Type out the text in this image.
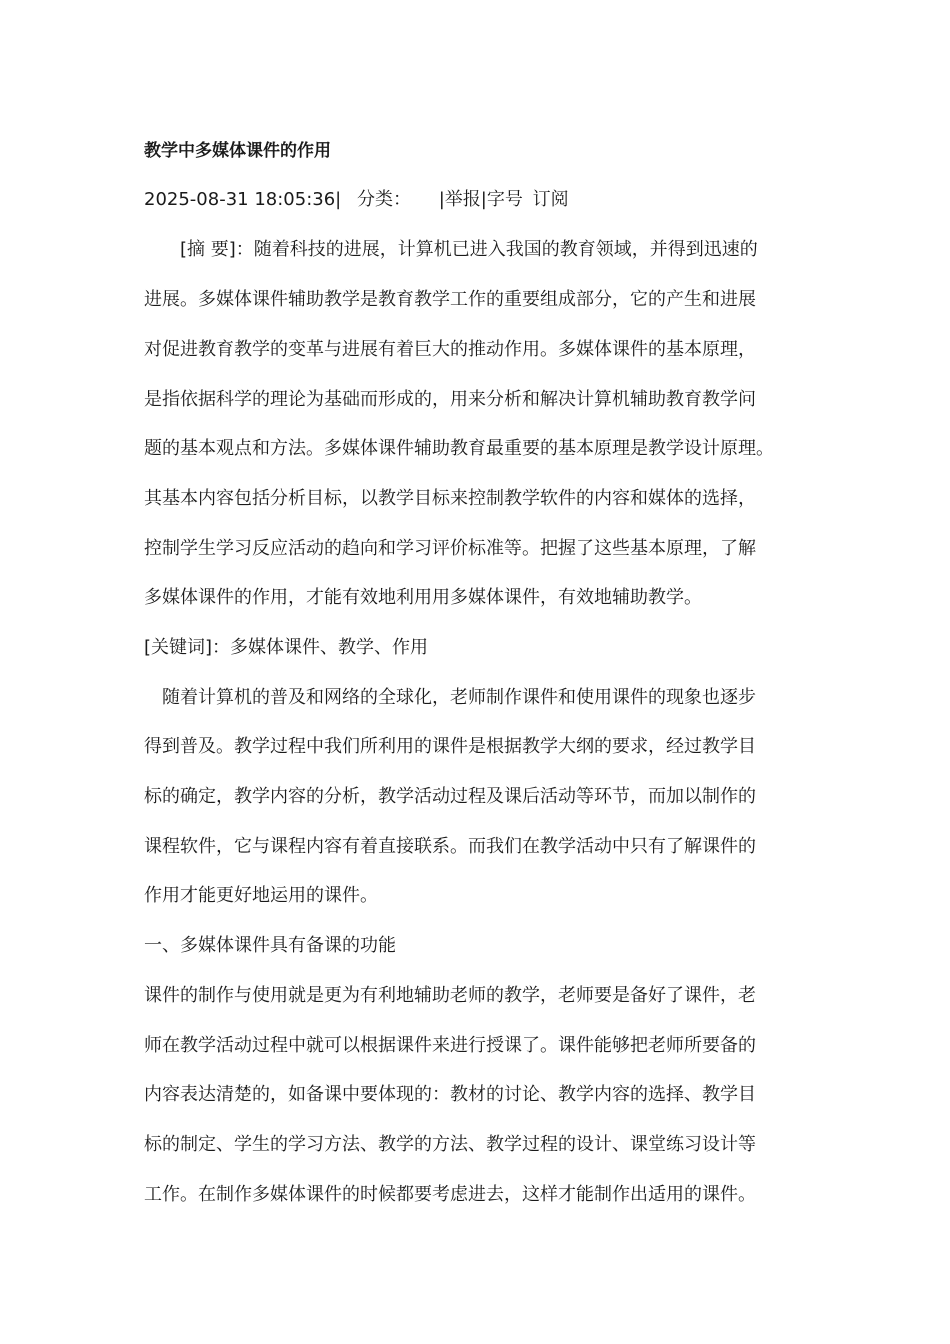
教学中多媒体课件的作用
2025-08-31 18:05:36| 分类： |举报|字号 订阅
　　[摘 要]：随着科技的进展，计算机已进入我国的教育领域，并得到迅速的
进展。多媒体课件辅助教学是教育教学工作的重要组成部分，它的产生和进展
对促进教育教学的变革与进展有着巨大的推动作用。多媒体课件的基本原理，
是指依据科学的理论为基础而形成的，用来分析和解决计算机辅助教育教学问
题的基本观点和方法。多媒体课件辅助教育最重要的基本原理是教学设计原理。
其基本内容包括分析目标，以教学目标来控制教学软件的内容和媒体的选择，
控制学生学习反应活动的趋向和学习评价标准等。把握了这些基本原理，了解
多媒体课件的作用，才能有效地利用用多媒体课件，有效地辅助教学。
[关键词]：多媒体课件、教学、作用
　随着计算机的普及和网络的全球化，老师制作课件和使用课件的现象也逐步
得到普及。教学过程中我们所利用的课件是根据教学大纲的要求，经过教学目
标的确定，教学内容的分析，教学活动过程及课后活动等环节，而加以制作的
课程软件，它与课程内容有着直接联系。而我们在教学活动中只有了解课件的
作用才能更好地运用的课件。
一、多媒体课件具有备课的功能
课件的制作与使用就是更为有利地辅助老师的教学，老师要是备好了课件，老
师在教学活动过程中就可以根据课件来进行授课了。课件能够把老师所要备的
内容表达清楚的，如备课中要体现的：教材的讨论、教学内容的选择、教学目
标的制定、学生的学习方法、教学的方法、教学过程的设计、课堂练习设计等
工作。在制作多媒体课件的时候都要考虑进去，这样才能制作出适用的课件。
